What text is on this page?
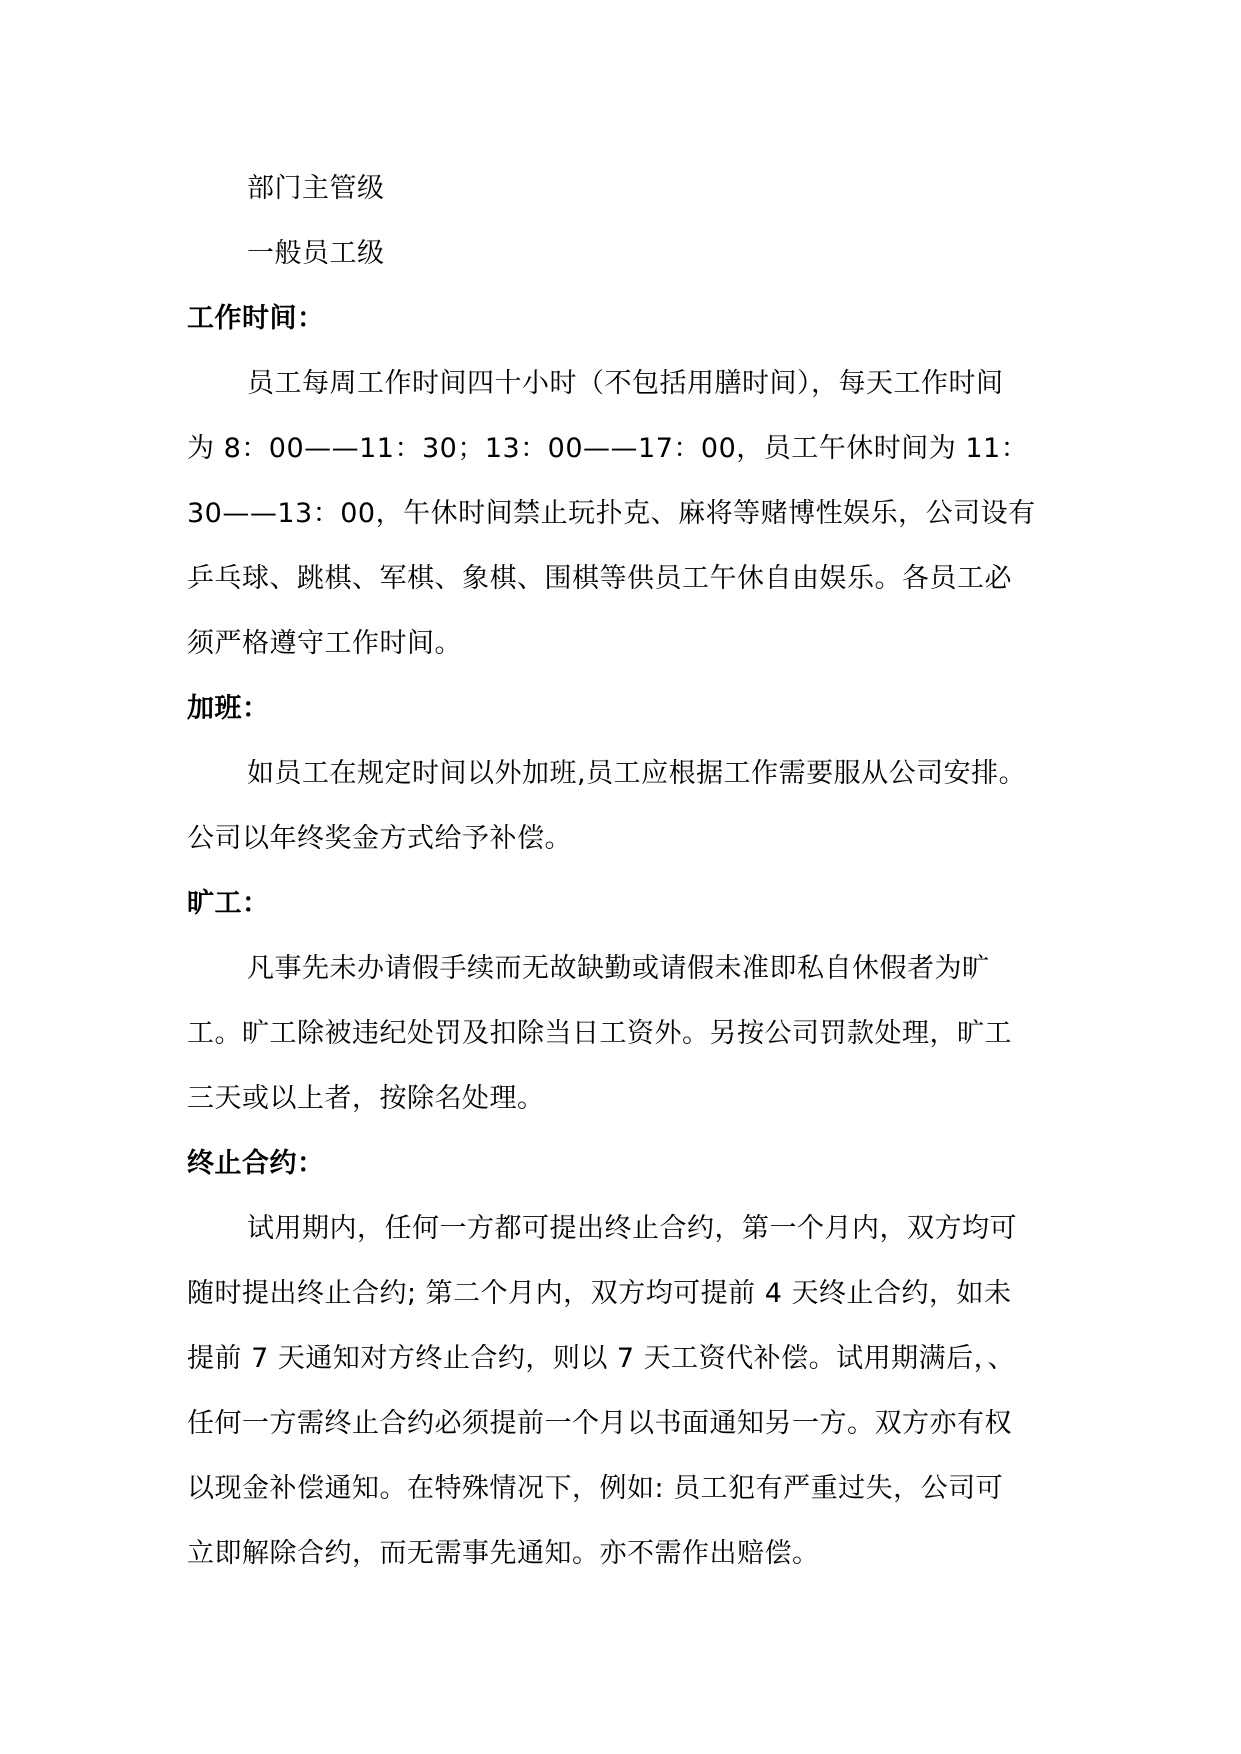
部门主管级
一般员工级
工作时间：
员工每周工作时间四十小时（不包括用膳时间），每天工作时间
为 8：00——11：30；13：00——17：00，员工午休时间为 11：
30——13：00，午休时间禁止玩扑克、麻将等赌博性娱乐，公司设有
乒乓球、跳棋、军棋、象棋、围棋等供员工午休自由娱乐。各员工必
须严格遵守工作时间。
加班：
如员工在规定时间以外加班,员工应根据工作需要服从公司安排。
公司以年终奖金方式给予补偿。
旷工：
凡事先未办请假手续而无故缺勤或请假未准即私自休假者为旷
工。旷工除被违纪处罚及扣除当日工资外。另按公司罚款处理，旷工
三天或以上者，按除名处理。
终止合约：
试用期内，任何一方都可提出终止合约，第一个月内，双方均可
随时提出终止合约; 第二个月内，双方均可提前 4 天终止合约，如未
提前 7 天通知对方终止合约，则以 7 天工资代补偿。试用期满后，、
任何一方需终止合约必须提前一个月以书面通知另一方。双方亦有权
以现金补偿通知。在特殊情况下，例如: 员工犯有严重过失，公司可
立即解除合约，而无需事先通知。亦不需作出赔偿。
